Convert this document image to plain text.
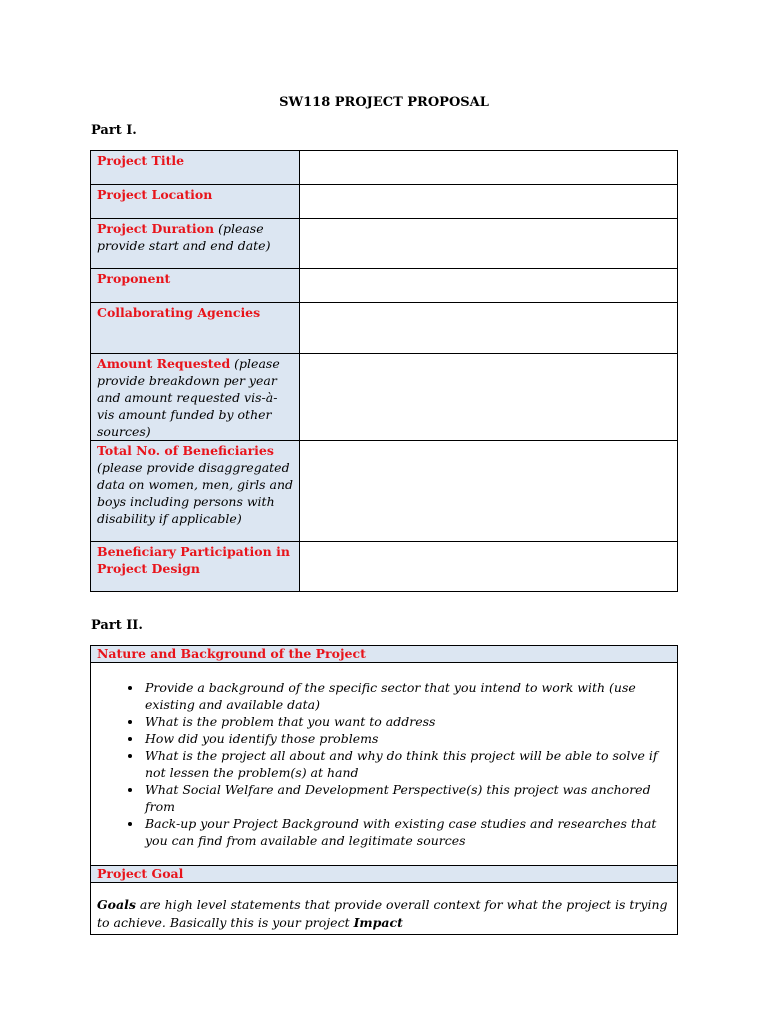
SW118 PROJECT PROPOSAL
Part I.
Project Title	
Project Location	
Project Duration (please provide start and end date)	
Proponent	
Collaborating Agencies	
Amount Requested (please provide breakdown per year and amount requested vis-à-vis amount funded by other sources)	
Total No. of Beneficiaries
(please provide disaggregated data on women, men, girls and boys including persons with disability if applicable)	
Beneficiary Participation in Project Design	
Part II.
Nature and Background of the Project

• Provide a background of the specific sector that you intend to work with (use existing and available data)
• What is the problem that you want to address
• How did you identify those problems
• What is the project all about and why do think this project will be able to solve if not lessen the problem(s) at hand
• What Social Welfare and Development Perspective(s) this project was anchored from
• Back-up your Project Background with existing case studies and researches that you can find from available and legitimate sources

Project Goal

Goals are high level statements that provide overall context for what the project is trying to achieve. Basically this is your project Impact
